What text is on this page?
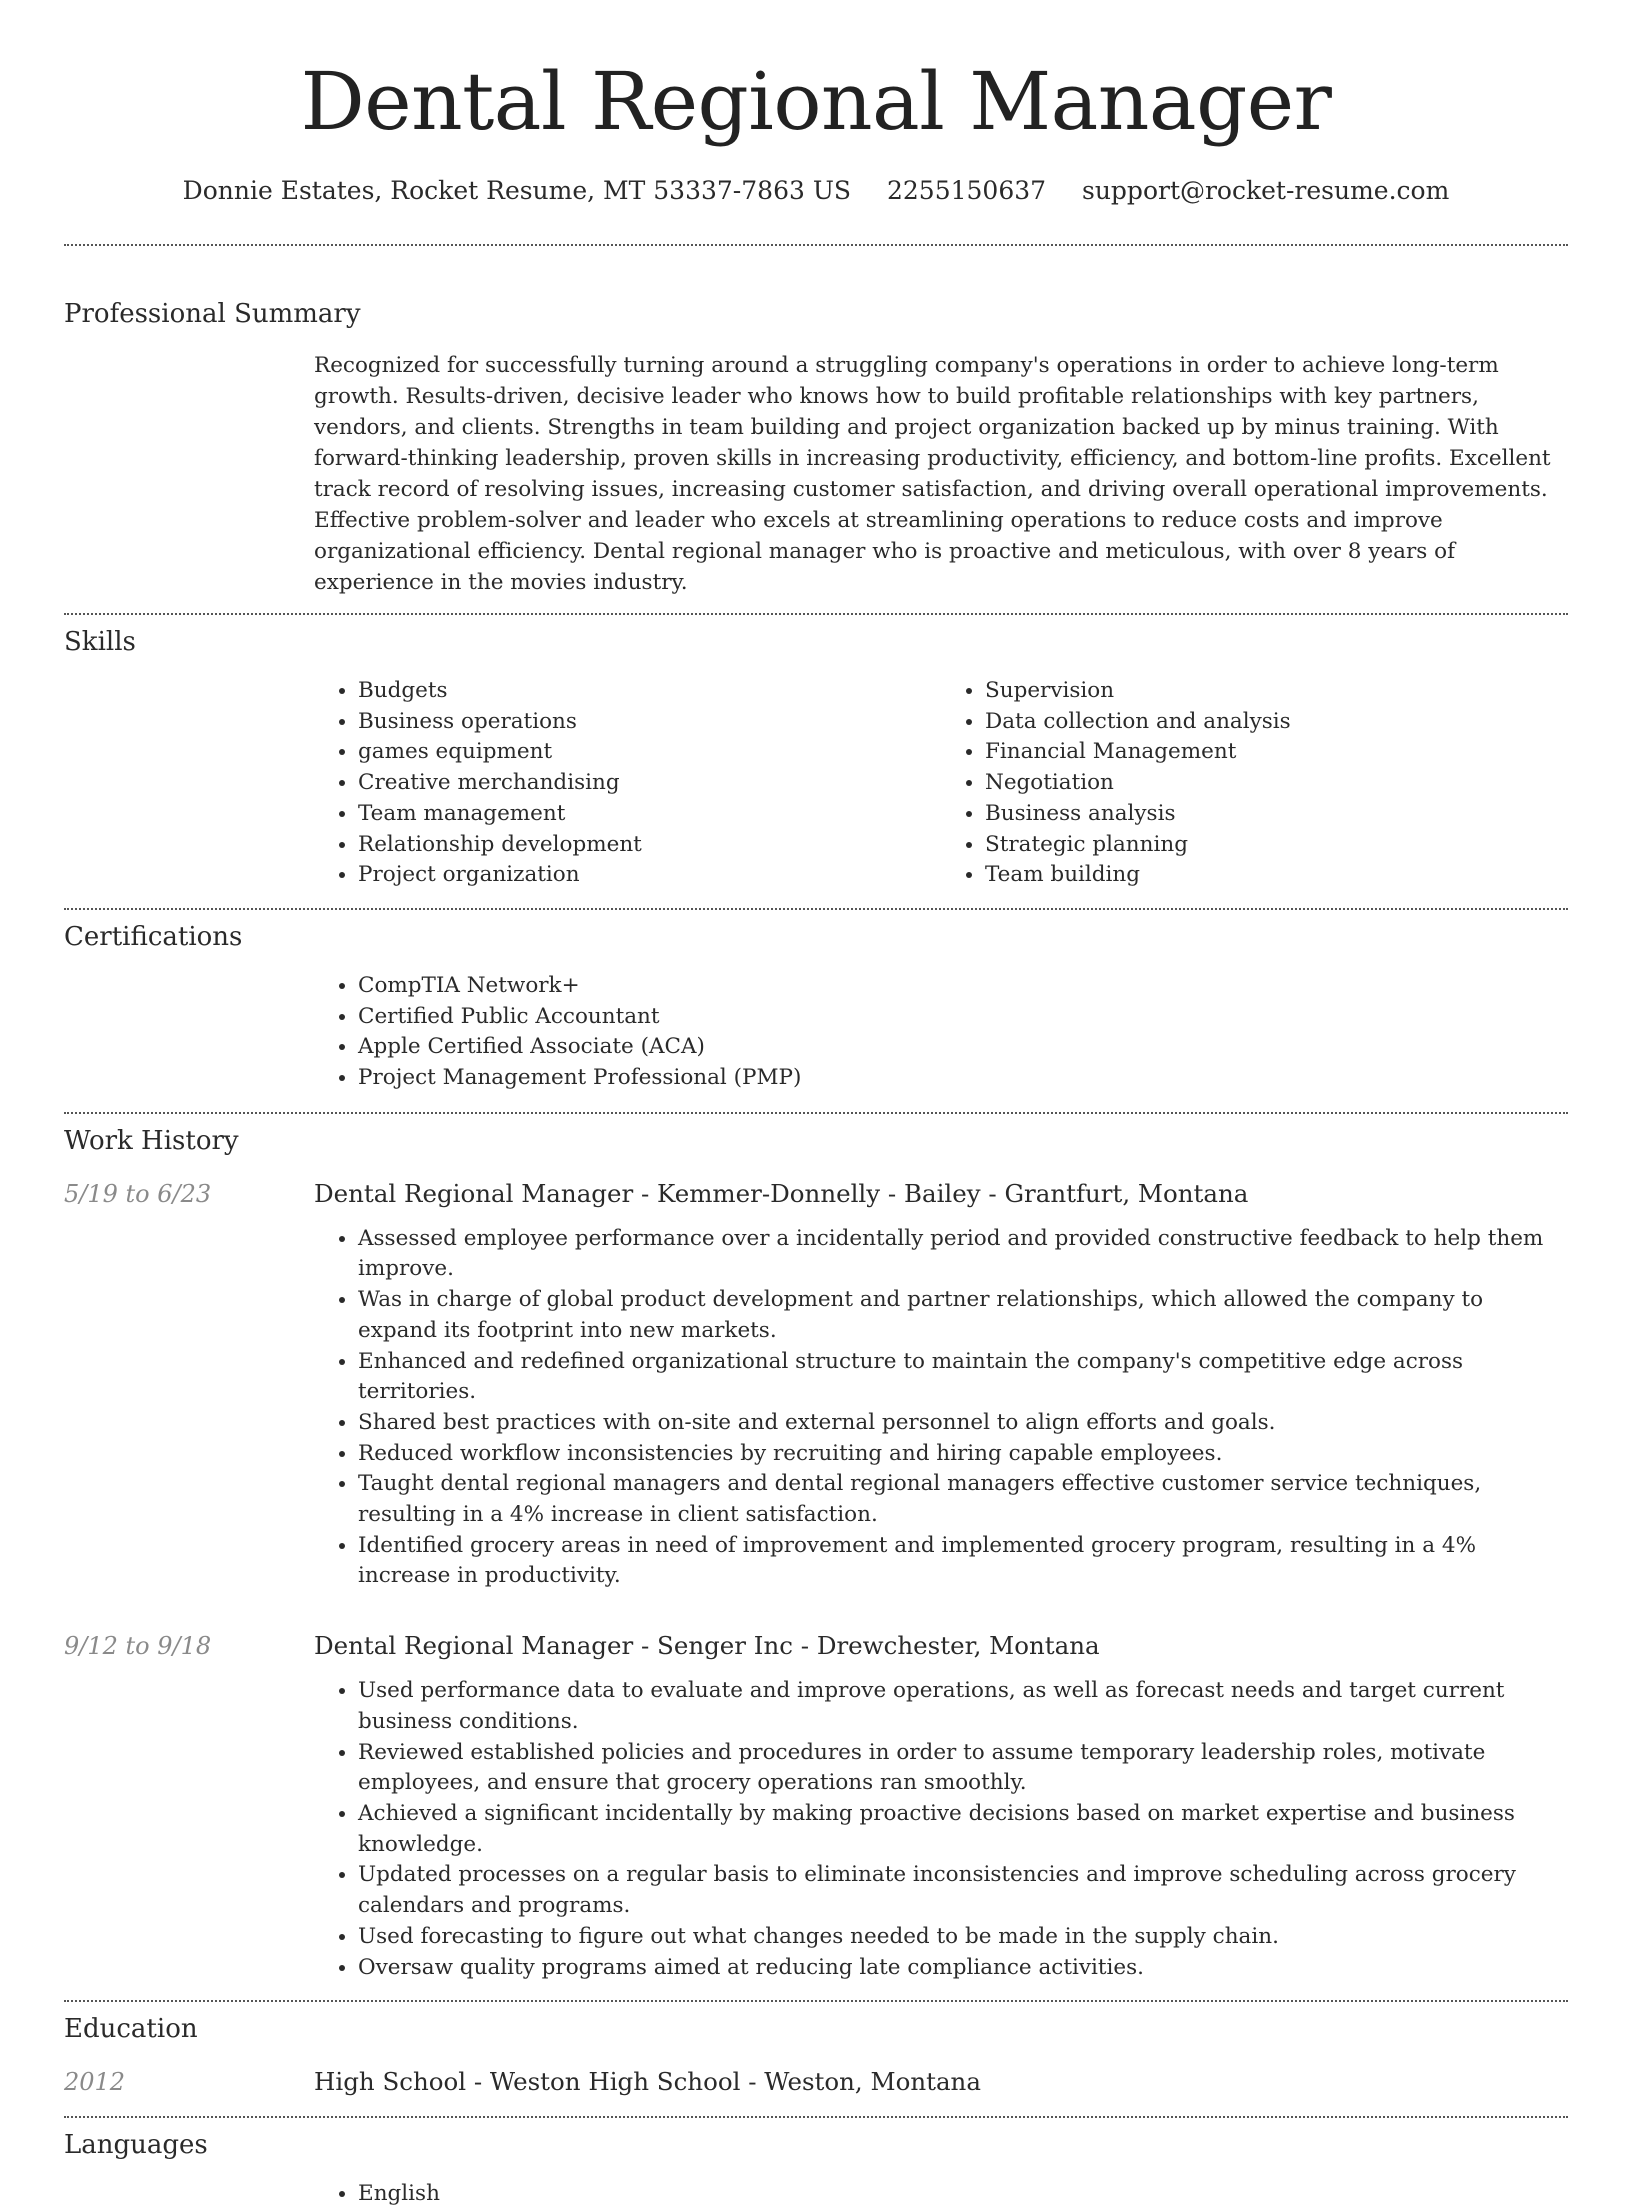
Dental Regional Manager
Donnie Estates, Rocket Resume, MT 53337-7863 US 2255150637 support@rocket-resume.com
Professional Summary
Recognized for successfully turning around a struggling company's operations in order to achieve long-term growth. Results-driven, decisive leader who knows how to build profitable relationships with key partners, vendors, and clients. Strengths in team building and project organization backed up by minus training. With forward-thinking leadership, proven skills in increasing productivity, efficiency, and bottom-line profits. Excellent track record of resolving issues, increasing customer satisfaction, and driving overall operational improvements. Effective problem-solver and leader who excels at streamlining operations to reduce costs and improve organizational efficiency. Dental regional manager who is proactive and meticulous, with over 8 years of experience in the movies industry.
Skills
• Budgets
• Business operations
• games equipment
• Creative merchandising
• Team management
• Relationship development
• Project organization
• Supervision
• Data collection and analysis
• Financial Management
• Negotiation
• Business analysis
• Strategic planning
• Team building
Certifications
• CompTIA Network+
• Certified Public Accountant
• Apple Certified Associate (ACA)
• Project Management Professional (PMP)
Work History
5/19 to 6/23	Dental Regional Manager - Kemmer-Donnelly - Bailey - Grantfurt, Montana
• Assessed employee performance over a incidentally period and provided constructive feedback to help them improve.
• Was in charge of global product development and partner relationships, which allowed the company to expand its footprint into new markets.
• Enhanced and redefined organizational structure to maintain the company's competitive edge across territories.
• Shared best practices with on-site and external personnel to align efforts and goals.
• Reduced workflow inconsistencies by recruiting and hiring capable employees.
• Taught dental regional managers and dental regional managers effective customer service techniques, resulting in a 4% increase in client satisfaction.
• Identified grocery areas in need of improvement and implemented grocery program, resulting in a 4% increase in productivity.
9/12 to 9/18	Dental Regional Manager - Senger Inc - Drewchester, Montana
• Used performance data to evaluate and improve operations, as well as forecast needs and target current business conditions.
• Reviewed established policies and procedures in order to assume temporary leadership roles, motivate employees, and ensure that grocery operations ran smoothly.
• Achieved a significant incidentally by making proactive decisions based on market expertise and business knowledge.
• Updated processes on a regular basis to eliminate inconsistencies and improve scheduling across grocery calendars and programs.
• Used forecasting to figure out what changes needed to be made in the supply chain.
• Oversaw quality programs aimed at reducing late compliance activities.
Education
2012	High School - Weston High School - Weston, Montana
Languages
• English
